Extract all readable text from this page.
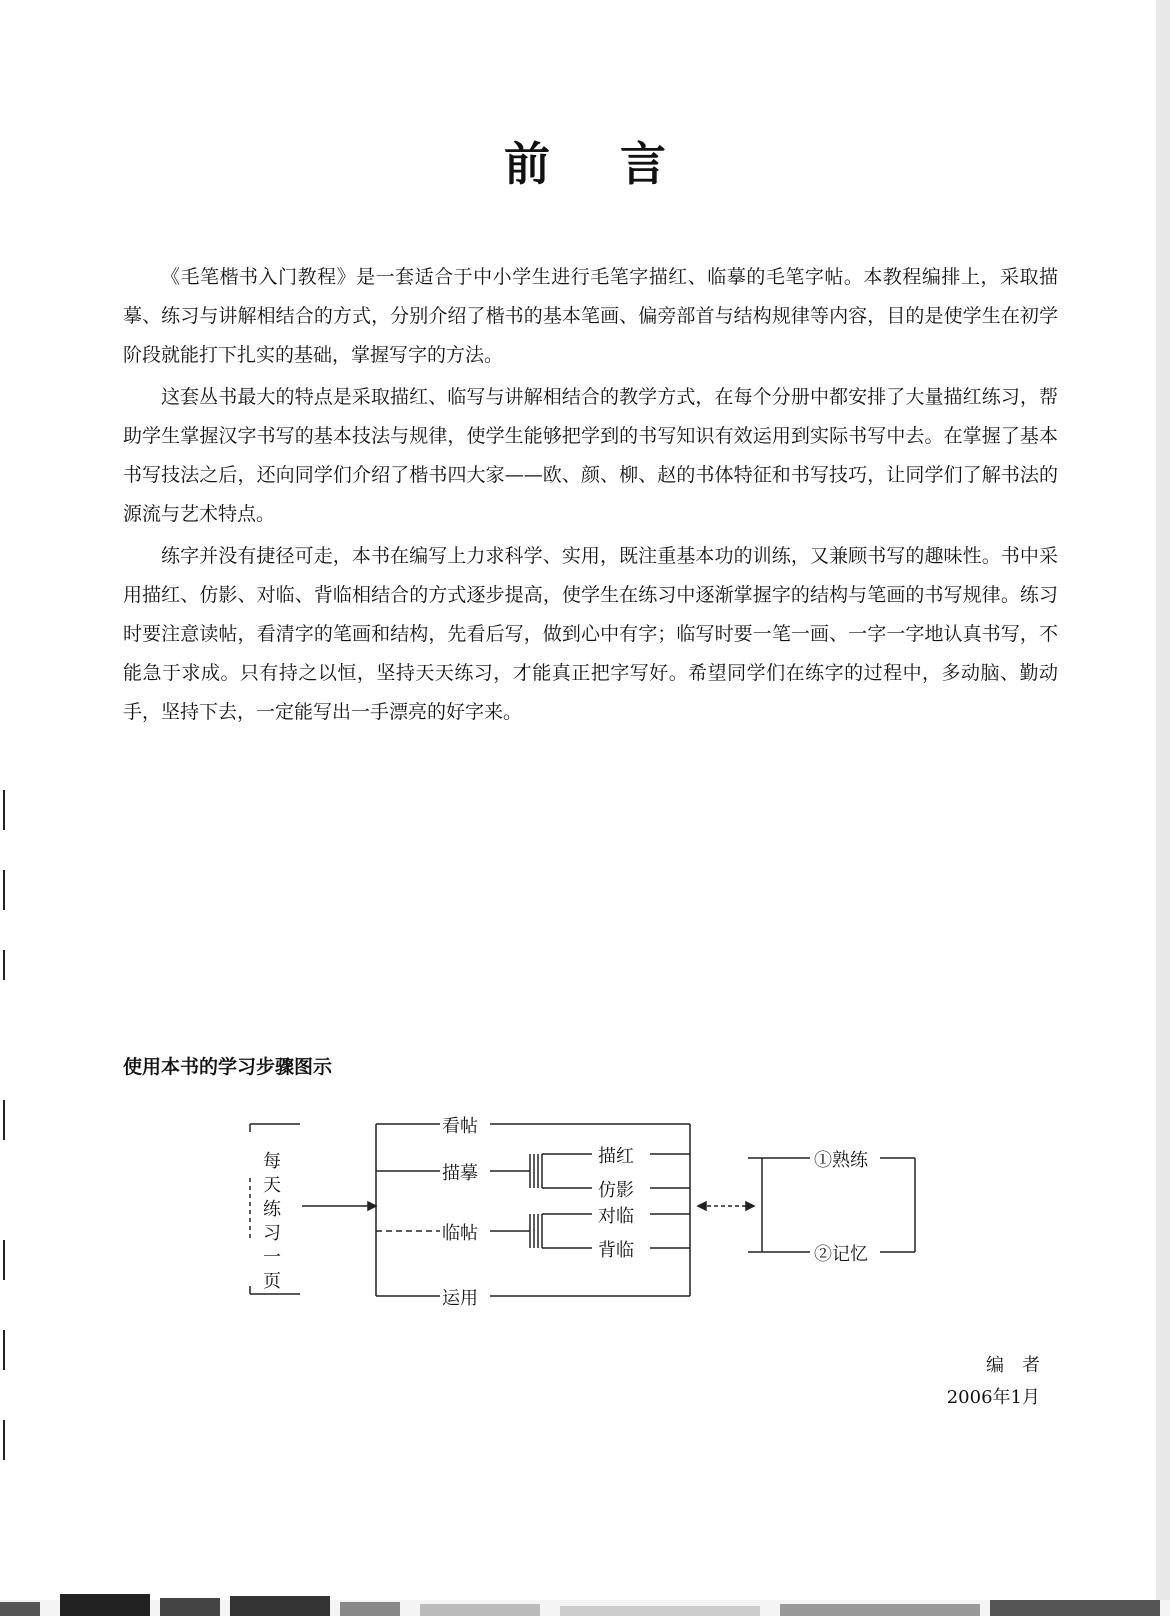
前言

《毛笔楷书入门教程》是一套适合于中小学生进行毛笔字描红、临摹的毛笔字帖。本教程编排上，采取描摹、练习与讲解相结合的方式，分别介绍了楷书的基本笔画、偏旁部首与结构规律等内容，目的是使学生在初学阶段就能打下扎实的基础，掌握写字的方法。

这套丛书最大的特点是采取描红、临写与讲解相结合的教学方式，在每个分册中都安排了大量描红练习，帮助学生掌握汉字书写的基本技法与规律，使学生能够把学到的书写知识有效运用到实际书写中去。在掌握了基本书写技法之后，还向同学们介绍了楷书四大家——欧、颜、柳、赵的书体特征和书写技巧，让同学们了解书法的源流与艺术特点。

练字并没有捷径可走，本书在编写上力求科学、实用，既注重基本功的训练，又兼顾书写的趣味性。书中采用描红、仿影、对临、背临相结合的方式逐步提高，使学生在练习中逐渐掌握字的结构与笔画的书写规律。练习时要注意读帖，看清字的笔画和结构，先看后写，做到心中有字；临写时要一笔一画、一字一字地认真书写，不能急于求成。只有持之以恒，坚持天天练习，才能真正把字写好。希望同学们在练字的过程中，多动脑、勤动手，坚持下去，一定能写出一手漂亮的好字来。

使用本书的学习步骤图示
每天练习一页
看帖
描摹
临帖
运用
描红
仿影
对临
背临
①熟练
②记忆
编　者
2006年1月
